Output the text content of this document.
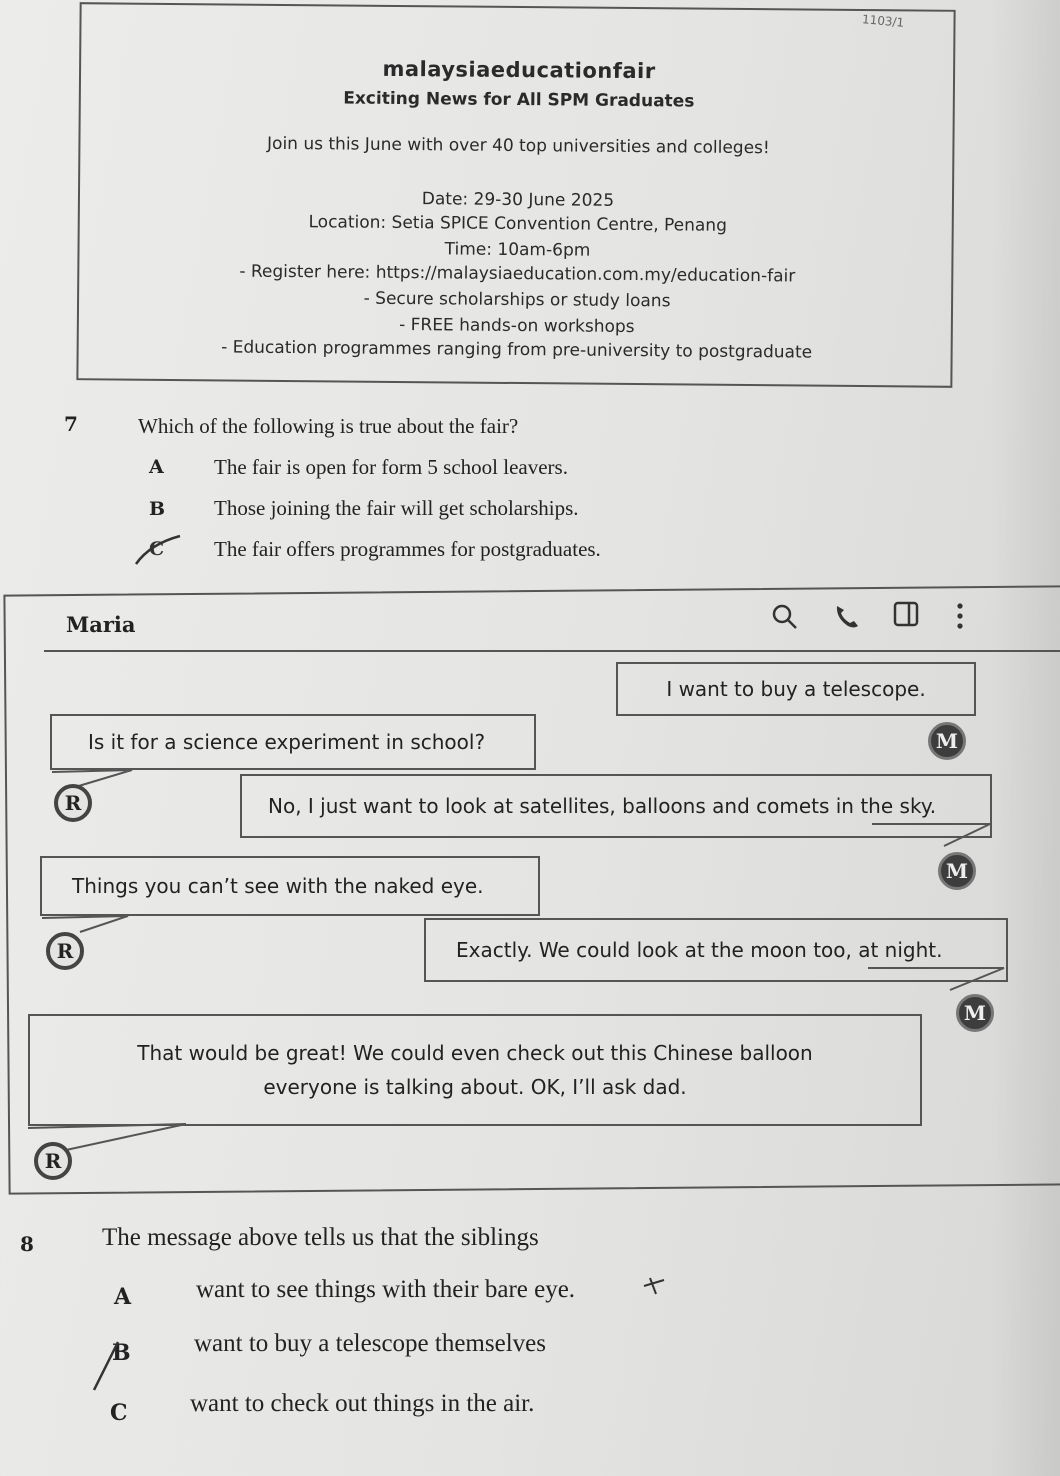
1103/1
malaysiaeducationfair
Exciting News for All SPM Graduates
Join us this June with over 40 top universities and colleges!
Date: 29-30 June 2025
Location: Setia SPICE Convention Centre, Penang
Time: 10am-6pm
- Register here: https://malaysiaeducation.com.my/education-fair
- Secure scholarships or study loans
- FREE hands-on workshops
- Education programmes ranging from pre-university to postgraduate
7	Which of the following is true about the fair?
A The fair is open for form 5 school leavers.
B Those joining the fair will get scholarships.
C The fair offers programmes for postgraduates.
Maria
I want to buy a telescope.
M
Is it for a science experiment in school?
R	No, I just want to look at satellites, balloons and comets in the sky.
M
Things you can’t see with the naked eye.
R	Exactly. We could look at the moon too, at night.
M
That would be great! We could even check out this Chinese balloon
everyone is talking about. OK, I’ll ask dad.
R
8	The message above tells us that the siblings
A	want to see things with their bare eye.
B	want to buy a telescope themselves
C want to check out things in the air.
